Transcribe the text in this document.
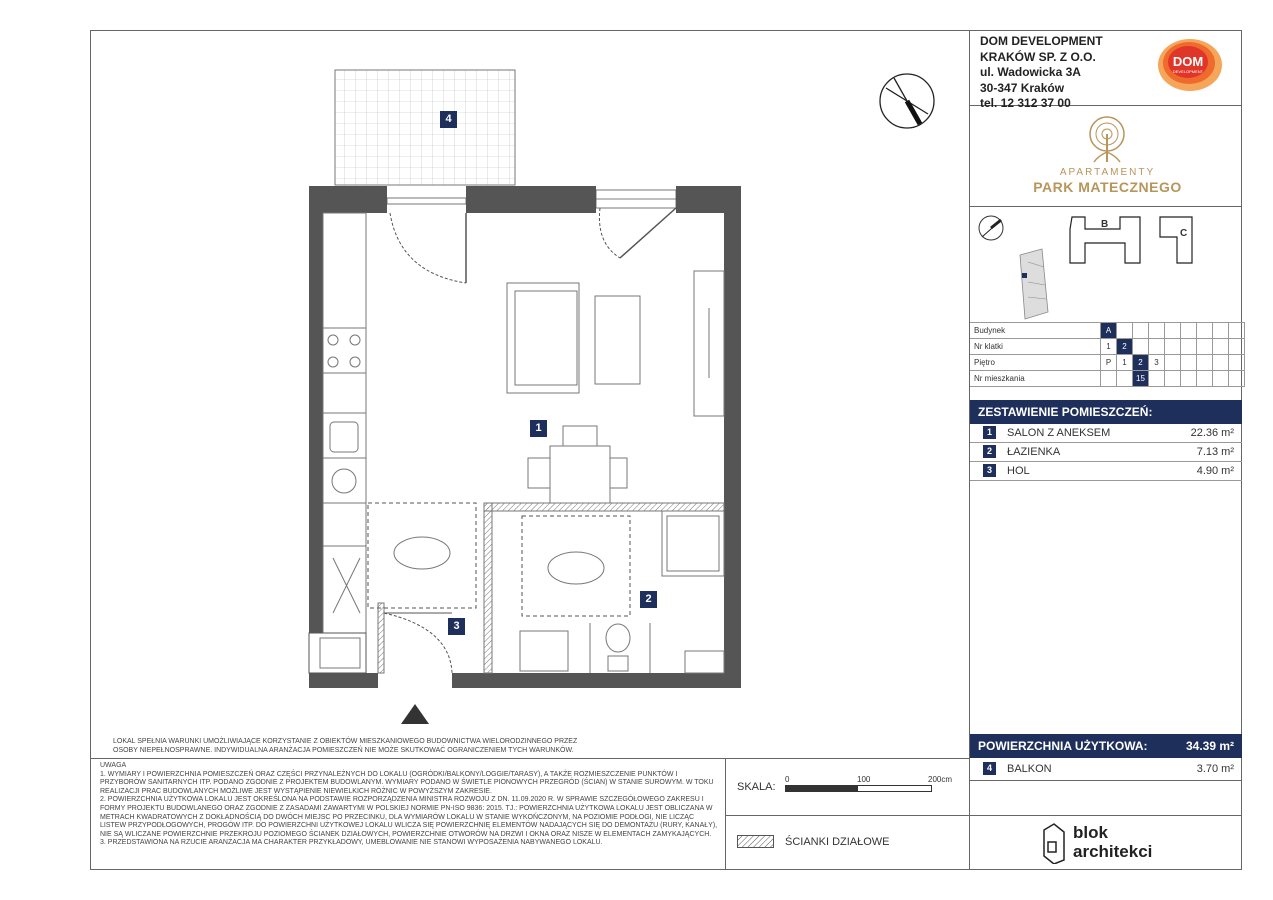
DOM DEVELOPMENT
KRAKÓW SP. Z O.O.
ul. Wadowicka 3A
30-347 Kraków
tel. 12 312 37 00
DOM
DEVELOPMENT
APARTAMENTY
PARK MATECZNEGO
B
C
Budynek	A								
Nr klatki	1	2							
Piętro	P	1	2	3					
Nr mieszkania			15						
ZESTAWIENIE POMIESZCZEŃ:
1	SALON Z ANEKSEM	22.36 m²
2	ŁAZIENKA	7.13 m²
3	HOL	4.90 m²
POWIERZCHNIA UŻYTKOWA:	34.39 m²
4	BALKON	3.70 m²
blok
architekci
LOKAL SPEŁNIA WARUNKI UMOŻLIWIAJĄCE KORZYSTANIE Z OBIEKTÓW MIESZKANIOWEGO BUDOWNICTWA WIELORODZINNEGO PRZEZ OSOBY NIEPEŁNOSPRAWNE. INDYWIDUALNA ARANŻACJA POMIESZCZEŃ NIE MOŻE SKUTKOWAĆ OGRANICZENIEM TYCH WARUNKÓW.
UWAGA
1. WYMIARY I POWIERZCHNIA POMIESZCZEŃ ORAZ CZĘŚCI PRZYNALEŻNYCH DO LOKALU (OGRÓDKI/BALKONY/LOGGIE/TARASY), A TAKŻE ROZMIESZCZENIE PUNKTÓW I PRZYBORÓW SANITARNYCH ITP. PODANO ZGODNIE Z PROJEKTEM BUDOWLANYM. WYMIARY PODANO W ŚWIETLE PIONOWYCH PRZEGRÓD (ŚCIAN) W STANIE SUROWYM. W TOKU REALIZACJI PRAC BUDOWLANYCH MOŻLIWE JEST WYSTĄPIENIE NIEWIELKICH RÓŻNIC W POWYŻSZYM ZAKRESIE.
2. POWIERZCHNIA UŻYTKOWA LOKALU JEST OKREŚLONA NA PODSTAWIE ROZPORZĄDZENIA MINISTRA ROZWOJU Z DN. 11.09.2020 R. W SPRAWIE SZCZEGÓŁOWEGO ZAKRESU I FORMY PROJEKTU BUDOWLANEGO ORAZ ZGODNIE Z ZASADAMI ZAWARTYMI W POLSKIEJ NORMIE PN-ISO 9836: 2015. TJ.: POWIERZCHNIA UŻYTKOWA LOKALU JEST OBLICZANA W METRACH KWADRATOWYCH Z DOKŁADNOŚCIĄ DO DWÓCH MIEJSC PO PRZECINKU, DLA WYMIARÓW LOKALU W STANIE WYKOŃCZONYM, NA POZIOMIE PODŁOGI, NIE LICZĄC LISTEW PRZYPODŁOGOWYCH, PROGÓW ITP. DO POWIERZCHNI UŻYTKOWEJ LOKALU WLICZA SIĘ POWIERZCHNIĘ ELEMENTÓW NADAJĄCYCH SIĘ DO DEMONTAŻU (RURY, KANAŁY), NIE SĄ WLICZANE POWIERZCHNIE PRZEKROJU POZIOMEGO ŚCIANEK DZIAŁOWYCH, POWIERZCHNIE OTWORÓW NA DRZWI I OKNA ORAZ NISZE W ELEMENTACH ZAMYKAJĄCYCH.
3. PRZEDSTAWIONA NA RZUCIE ARANŻACJA MA CHARAKTER PRZYKŁADOWY, UMEBLOWANIE NIE STANOWI WYPOSAŻENIA NABYWANEGO LOKALU.
SKALA:
0	100	200cm
ŚCIANKI DZIAŁOWE
4
1
2
3
